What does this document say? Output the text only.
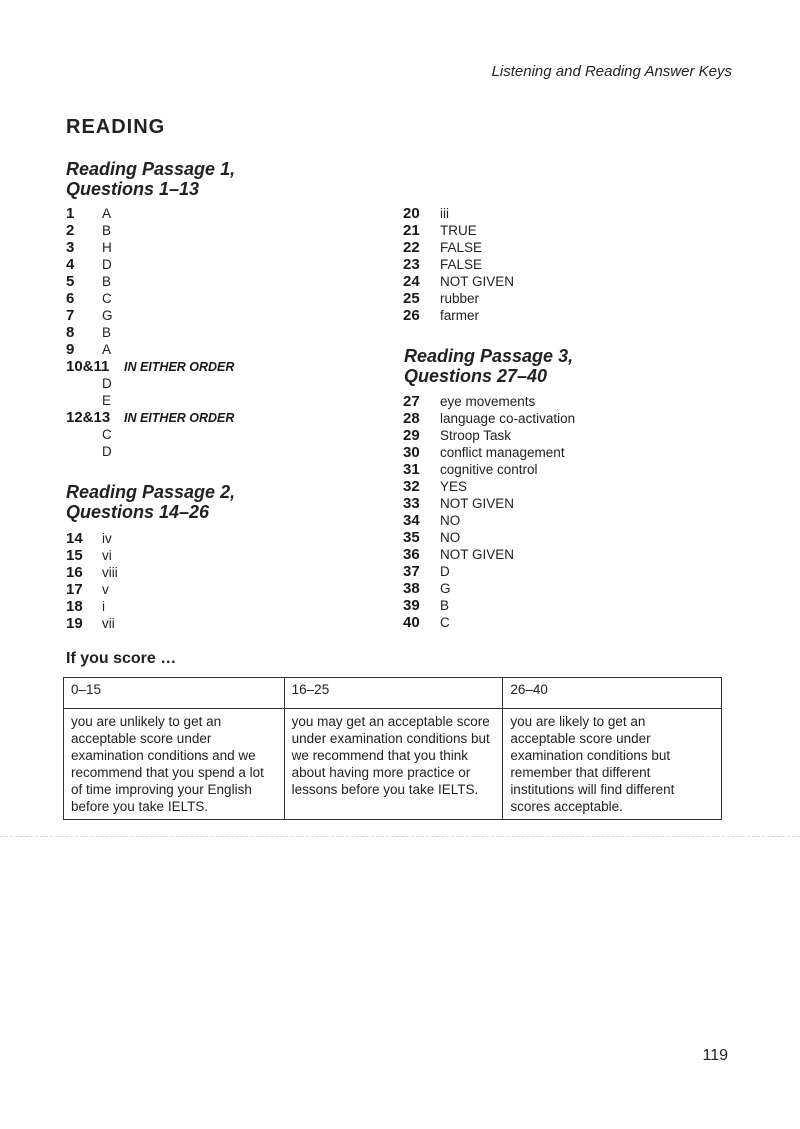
Listening and Reading Answer Keys
READING
Reading Passage 1,
Questions 1–13
1	A
2	B
3	H
4	D
5	B
6	C
7	G
8	B
9	A
10&11	IN EITHER ORDER
D
E
12&13	IN EITHER ORDER
C
D
Reading Passage 2,
Questions 14–26
14	iv
15	vi
16	viii
17	v
18	i
19	vii
20	iii
21	TRUE
22	FALSE
23	FALSE
24	NOT GIVEN
25	rubber
26	farmer
Reading Passage 3,
Questions 27–40
27	eye movements
28	language co-activation
29	Stroop Task
30	conflict management
31	cognitive control
32	YES
33	NOT GIVEN
34	NO
35	NO
36	NOT GIVEN
37	D
38	G
39	B
40	C
If you score …
0–15	16–25	26–40
you are unlikely to get an acceptable score under examination conditions and we recommend that you spend a lot of time improving your English before you take IELTS.	you may get an acceptable score under examination conditions but we recommend that you think about having more practice or lessons before you take IELTS.	you are likely to get an acceptable score under examination conditions but remember that different institutions will find different scores acceptable.
119
